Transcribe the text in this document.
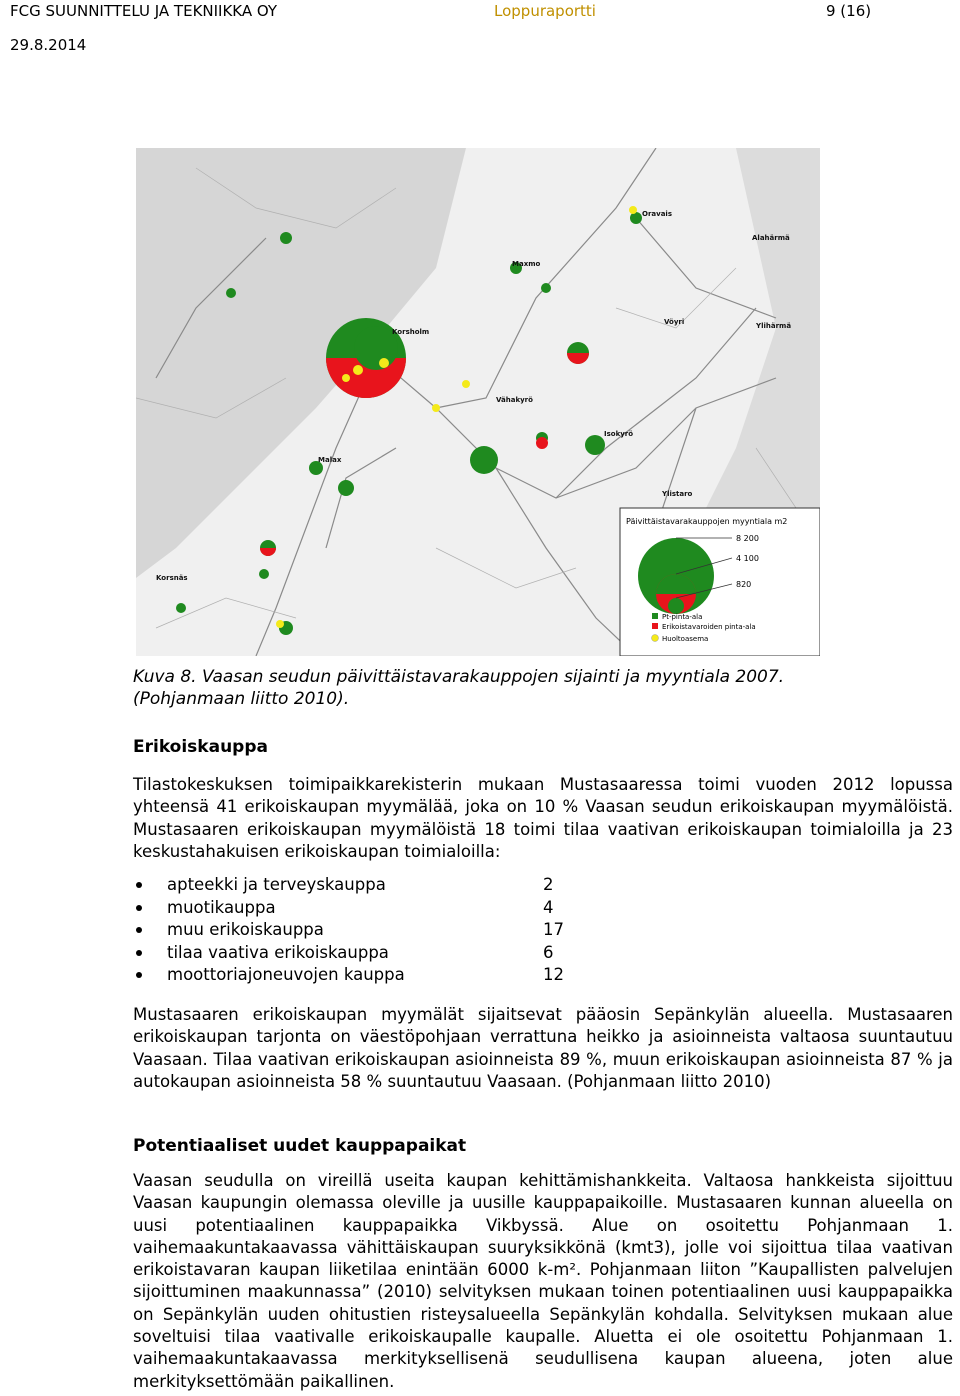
FCG SUUNNITTELU JA TEKNIIKKA OY	Loppuraportti	9 (16)
29.8.2014
Oravais
Maxmo
Korsholm
Vöyri
Alahärmä
Ylihärmä
Vähakyrö
Isokyrö
Malax
Ylistaro
Korsnäs
Päivittäistavarakauppojen myyntiala m2
8 200
4 100
820
Pt-pinta-ala
Erikoistavaroiden pinta-ala
Huoltoasema
Kuva 8. Vaasan seudun päivittäistavarakauppojen sijainti ja myyntiala 2007.
(Pohjanmaan liitto 2010).
Erikoiskauppa
Tilastokeskuksen toimipaikkarekisterin mukaan Mustasaaressa toimi vuoden 2012 lopussa yhteensä 41 erikoiskaupan myymälää, joka on 10 % Vaasan seudun erikoiskaupan myymälöistä. Mustasaaren erikoiskaupan myymälöistä 18 toimi tilaa vaativan erikoiskaupan toimialoilla ja 23 keskustahakuisen erikoiskaupan toimialoilla:
apteekki ja terveyskauppa	2
muotikauppa	4
muu erikoiskauppa	17
tilaa vaativa erikoiskauppa	6
moottoriajoneuvojen kauppa	12
Mustasaaren erikoiskaupan myymälät sijaitsevat pääosin Sepänkylän alueella. Mustasaaren erikoiskaupan tarjonta on väestöpohjaan verrattuna heikko ja asioinneista valtaosa suuntautuu Vaasaan. Tilaa vaativan erikoiskaupan asioinneista 89 %, muun erikoiskaupan asioinneista 87 % ja autokaupan asioinneista 58 % suuntautuu Vaasaan. (Pohjanmaan liitto 2010)
Potentiaaliset uudet kauppapaikat
Vaasan seudulla on vireillä useita kaupan kehittämishankkeita. Valtaosa hankkeista sijoittuu Vaasan kaupungin olemassa oleville ja uusille kauppapaikoille. Mustasaaren kunnan alueella on uusi potentiaalinen kauppapaikka Vikbyssä. Alue on osoitettu Pohjanmaan 1. vaihemaakuntakaavassa vähittäiskaupan suuryksikkönä (kmt3), jolle voi sijoittua tilaa vaativan erikoistavaran kaupan liiketilaa enintään 6000 k-m². Pohjanmaan liiton ”Kaupallisten palvelujen sijoittuminen maakunnassa” (2010) selvityksen mukaan toinen potentiaalinen uusi kauppapaikka on Sepänkylän uuden ohitustien risteysalueella Sepänkylän kohdalla. Selvityksen mukaan alue soveltuisi tilaa vaativalle erikoiskaupalle kaupalle. Aluetta ei ole osoitettu Pohjanmaan 1. vaihemaakuntakaavassa merkityksellisenä seudullisena kaupan alueena, joten alue merkityksettömään paikallinen.
